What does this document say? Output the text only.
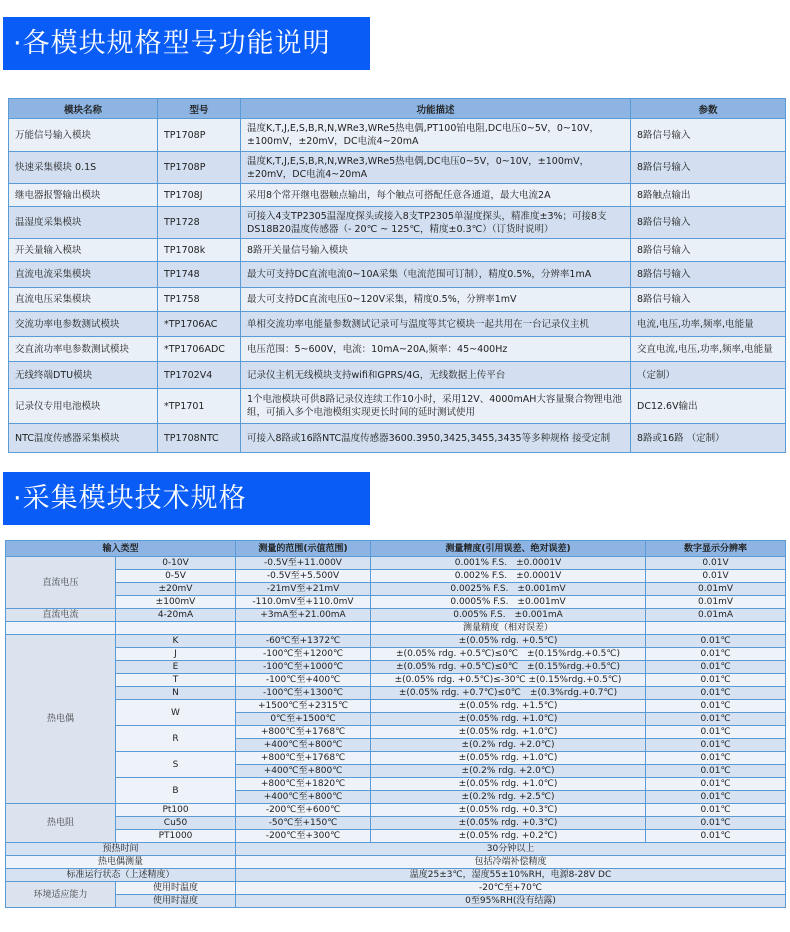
·各模块规格型号功能说明
模块名称	型号	功能描述	参数
万能信号输入模块	TP1708P	温度K,T,J,E,S,B,R,N,WRe3,WRe5热电偶,PT100铂电阻,DC电压0~5V，0~10V，±100mV，±20mV，DC电流4~20mA	8路信号输入
快速采集模块 0.1S	TP1708P	温度K,T,J,E,S,B,R,N,WRe3,WRe5热电偶,DC电压0~5V，0~10V，±100mV，±20mV，DC电流4~20mA	8路信号输入
继电器报警输出模块	TP1708J	采用8个常开继电器触点输出，每个触点可搭配任意各通道，最大电流2A	8路触点输出
温湿度采集模块	TP1728	可接入4支TP2305温湿度探头或接入8支TP2305单湿度探头，精准度±3%；可接8支DS18B20温度传感器（- 20℃ ~ 125℃，精度±0.3℃）（订货时说明）	8路信号输入
开关量输入模块	TP1708k	8路开关量信号输入模块	8路信号输入
直流电流采集模块	TP1748	最大可支持DC直流电流0~10A采集（电流范围可订制），精度0.5%，分辨率1mA	8路信号输入
直流电压采集模块	TP1758	最大可支持DC直流电压0~120V采集，精度0.5%，分辨率1mV	8路信号输入
交流功率电参数测试模块	*TP1706AC	单相交流功率电能量参数测试记录可与温度等其它模块一起共用在一台记录仪主机	电流,电压,功率,频率,电能量
交直流功率电参数测试模块	*TP1706ADC	电压范围：5~600V，电流：10mA~20A,频率：45~400Hz	交直电流,电压,功率,频率,电能量
无线终端DTU模块	TP1702V4	记录仪主机无线模块支持wifi和GPRS/4G，无线数据上传平台	（定制）
记录仪专用电池模块	*TP1701	1个电池模块可供8路记录仪连续工作10小时，采用12V、4000mAH大容量聚合物锂电池组，可插入多个电池模组实现更长时间的延时测试使用	DC12.6V输出
NTC温度传感器采集模块	TP1708NTC	可接入8路或16路NTC温度传感器3600.3950,3425,3455,3435等多种规格 接受定制	8路或16路 （定制）
·采集模块技术规格
输入类型		测量的范围(示值范围)	测量精度(引用误差、绝对误差)	数字显示分辨率
直流电压	0-10V	-0.5V至+11.000V	0.001% F.S.　±0.0001V	0.01V
	0-5V	-0.5V至+5.500V	0.002% F.S.　±0.0001V	0.01V
	±20mV	-21mV至+21mV	0.0025% F.S.　±0.001mV	0.01mV
	±100mV	-110.0mV至+110.0mV	0.0005% F.S.　±0.001mV	0.01mV
直流电流	4-20mA	+3mA至+21.00mA	0.005% F.S.　±0.001mA	0.01mA
			测量精度（相对误差）	
热电偶	K	-60℃至+1372℃	±(0.05% rdg. +0.5℃)	0.01℃
	J	-100℃至+1200℃	±(0.05% rdg. +0.5℃)≤0℃　±(0.15%rdg.+0.5℃)	0.01℃
	E	-100℃至+1000℃	±(0.05% rdg. +0.5℃)≤0℃　±(0.15%rdg.+0.5℃)	0.01℃
	T	-100℃至+400℃	±(0.05% rdg. +0.5℃)≤-30℃ ±(0.15%rdg.+0.5℃)	0.01℃
	N	-100℃至+1300℃	±(0.05% rdg. +0.7℃)≤0℃　±(0.3%rdg.+0.7℃)	0.01℃
	W	+1500℃至+2315℃	±(0.05% rdg. +1.5℃)	0.01℃
		0℃至+1500℃	±(0.05% rdg. +1.0℃)	0.01℃
	R	+800℃至+1768℃	±(0.05% rdg. +1.0℃)	0.01℃
		+400℃至+800℃	±(0.2% rdg. +2.0℃)	0.01℃
	S	+800℃至+1768℃	±(0.05% rdg. +1.0℃)	0.01℃
		+400℃至+800℃	±(0.2% rdg. +2.0℃)	0.01℃
	B	+800℃至+1820℃	±(0.05% rdg. +1.0℃)	0.01℃
		+400℃至+800℃	±(0.2% rdg. +2.5℃)	0.01℃
热电阻	Pt100	-200℃至+600℃	±(0.05% rdg. +0.3℃)	0.01℃
	Cu50	-50℃至+150℃	±(0.05% rdg. +0.3℃)	0.01℃
	PT1000	-200℃至+300℃	±(0.05% rdg. +0.2℃)	0.01℃
预热时间		30分钟以上		
热电偶测量		包括冷端补偿精度		
标准运行状态（上述精度）		温度25±3℃，湿度55±10%RH，电源8-28V DC		
环境适应能力	使用时温度	-20℃至+70℃		
	使用时湿度	0至95%RH(没有结露)		
